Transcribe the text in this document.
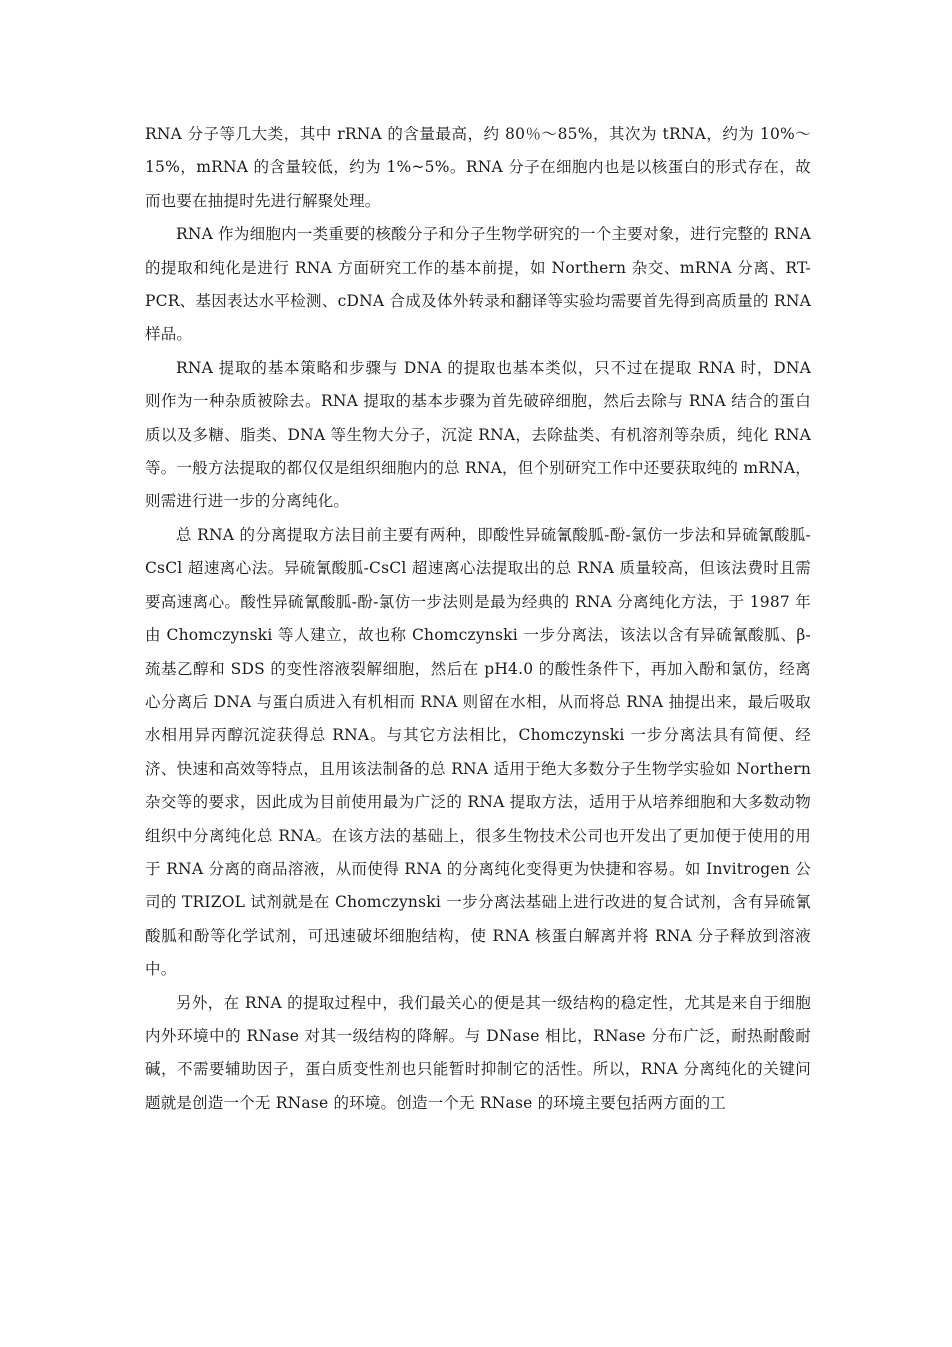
RNA 分子等几大类，其中 rRNA 的含量最高，约 80％～85%，其次为 tRNA，约为 10%～15%，mRNA 的含量较低，约为 1%~5%。RNA 分子在细胞内也是以核蛋白的形式存在，故而也要在抽提时先进行解聚处理。

RNA 作为细胞内一类重要的核酸分子和分子生物学研究的一个主要对象，进行完整的 RNA 的提取和纯化是进行 RNA 方面研究工作的基本前提，如 Northern 杂交、mRNA 分离、RT-PCR、基因表达水平检测、cDNA 合成及体外转录和翻译等实验均需要首先得到高质量的 RNA 样品。

RNA 提取的基本策略和步骤与 DNA 的提取也基本类似，只不过在提取 RNA 时，DNA 则作为一种杂质被除去。RNA 提取的基本步骤为首先破碎细胞，然后去除与 RNA 结合的蛋白质以及多糖、脂类、DNA 等生物大分子，沉淀 RNA，去除盐类、有机溶剂等杂质，纯化 RNA 等。一般方法提取的都仅仅是组织细胞内的总 RNA，但个别研究工作中还要获取纯的 mRNA，则需进行进一步的分离纯化。

总 RNA 的分离提取方法目前主要有两种，即酸性异硫氰酸胍-酚-氯仿一步法和异硫氰酸胍-CsCl 超速离心法。异硫氰酸胍-CsCl 超速离心法提取出的总 RNA 质量较高，但该法费时且需要高速离心。酸性异硫氰酸胍-酚-氯仿一步法则是最为经典的 RNA 分离纯化方法，于 1987 年由 Chomczynski 等人建立，故也称 Chomczynski 一步分离法，该法以含有异硫氰酸胍、β-巯基乙醇和 SDS 的变性溶液裂解细胞，然后在 pH4.0 的酸性条件下，再加入酚和氯仿，经离心分离后 DNA 与蛋白质进入有机相而 RNA 则留在水相，从而将总 RNA 抽提出来，最后吸取水相用异丙醇沉淀获得总 RNA。与其它方法相比，Chomczynski 一步分离法具有简便、经济、快速和高效等特点，且用该法制备的总 RNA 适用于绝大多数分子生物学实验如 Northern 杂交等的要求，因此成为目前使用最为广泛的 RNA 提取方法，适用于从培养细胞和大多数动物组织中分离纯化总 RNA。在该方法的基础上，很多生物技术公司也开发出了更加便于使用的用于 RNA 分离的商品溶液，从而使得 RNA 的分离纯化变得更为快捷和容易。如 Invitrogen 公司的 TRIZOL 试剂就是在 Chomczynski 一步分离法基础上进行改进的复合试剂，含有异硫氰酸胍和酚等化学试剂，可迅速破坏细胞结构，使 RNA 核蛋白解离并将 RNA 分子释放到溶液中。

另外，在 RNA 的提取过程中，我们最关心的便是其一级结构的稳定性，尤其是来自于细胞内外环境中的 RNase 对其一级结构的降解。与 DNase 相比，RNase 分布广泛，耐热耐酸耐碱，不需要辅助因子，蛋白质变性剂也只能暂时抑制它的活性。所以，RNA 分离纯化的关键问题就是创造一个无 RNase 的环境。创造一个无 RNase 的环境主要包括两方面的工
